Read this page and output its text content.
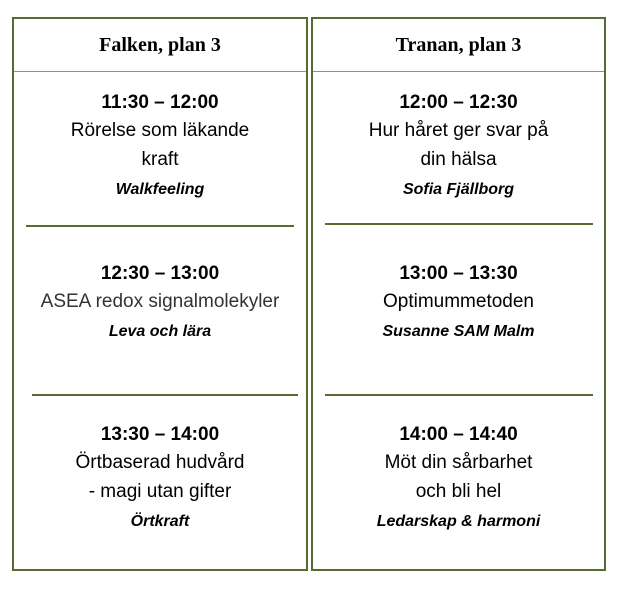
Falken, plan 3
11:30 – 12:00
Rörelse som läkande
kraft
Walkfeeling
12:30 – 13:00
ASEA redox signalmolekyler
Leva och lära
13:30 – 14:00
Örtbaserad hudvård
- magi utan gifter
Örtkraft
Tranan, plan 3
12:00 – 12:30
Hur håret ger svar på
din hälsa
Sofia Fjällborg
13:00 – 13:30
Optimummetoden
Susanne SAM Malm
14:00 – 14:40
Möt din sårbarhet
och bli hel
Ledarskap & harmoni
